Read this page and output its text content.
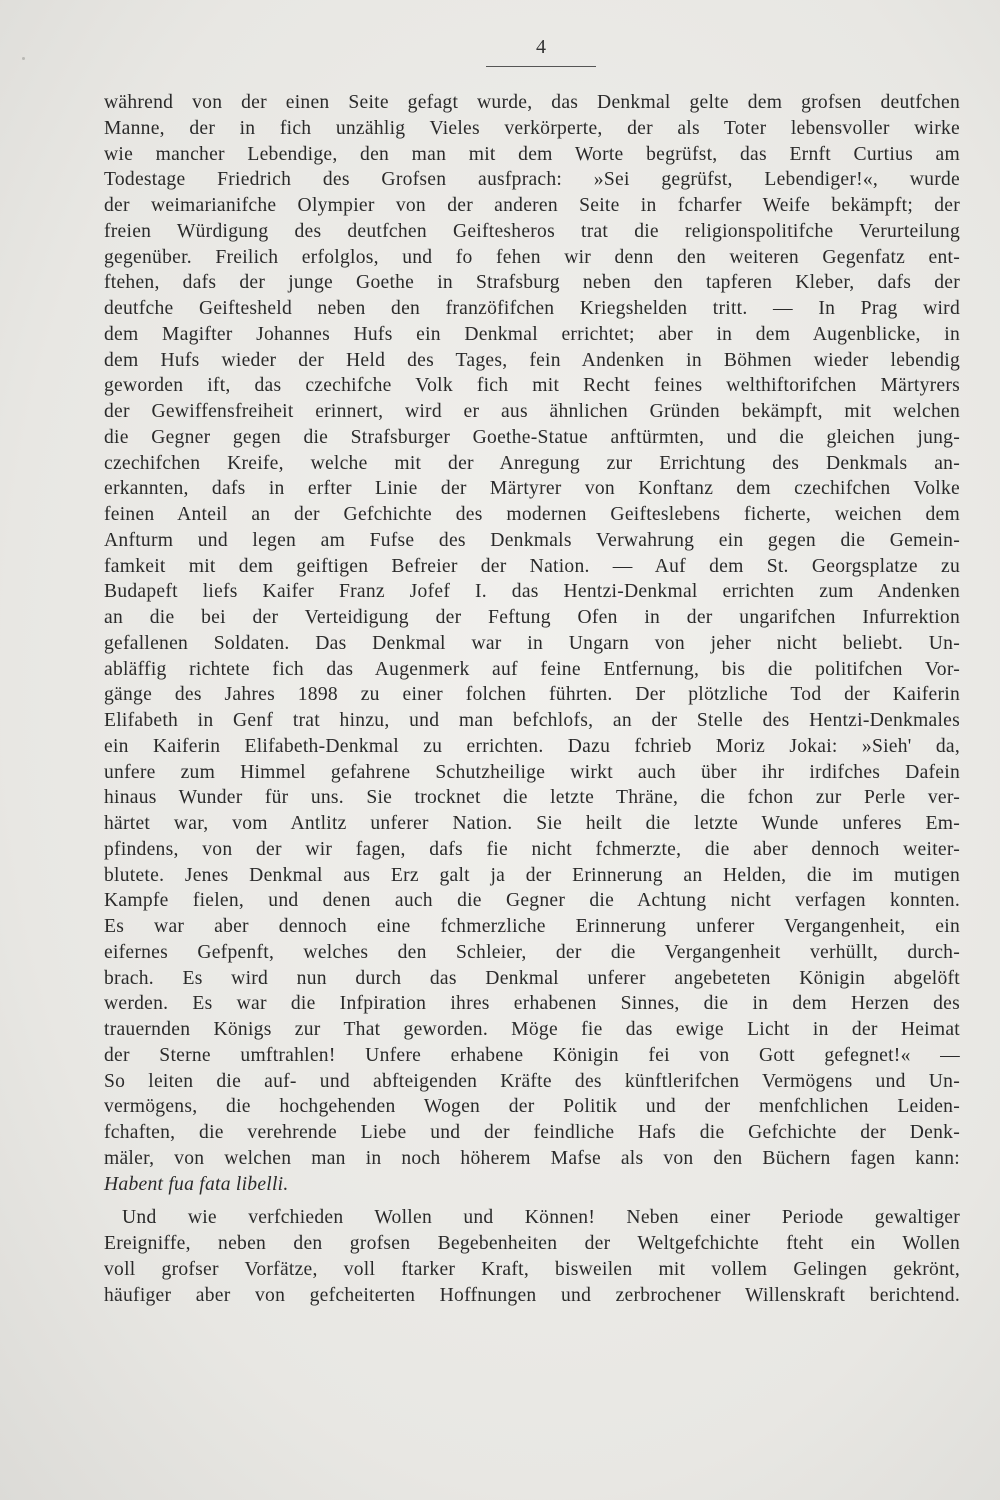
4
während von der einen Seite gefagt wurde, das Denkmal gelte dem grofsen deutfchen
Manne, der in fich unzählig Vieles verkörperte, der als Toter lebensvoller wirke
wie mancher Lebendige, den man mit dem Worte begrüfst, das Ernft Curtius am
Todestage Friedrich des Grofsen ausfprach: »Sei gegrüfst, Lebendiger!«, wurde
der weimarianifche Olympier von der anderen Seite in fcharfer Weife bekämpft; der
freien Würdigung des deutfchen Geiftesheros trat die religionspolitifche Verurteilung
gegenüber. Freilich erfolglos, und fo fehen wir denn den weiteren Gegenfatz ent-
ftehen, dafs der junge Goethe in Strafsburg neben den tapferen Kleber, dafs der
deutfche Geiftesheld neben den franzöfifchen Kriegshelden tritt. — In Prag wird
dem Magifter Johannes Hufs ein Denkmal errichtet; aber in dem Augenblicke, in
dem Hufs wieder der Held des Tages, fein Andenken in Böhmen wieder lebendig
geworden ift, das czechifche Volk fich mit Recht feines welthiftorifchen Märtyrers
der Gewiffensfreiheit erinnert, wird er aus ähnlichen Gründen bekämpft, mit welchen
die Gegner gegen die Strafsburger Goethe-Statue anftürmten, und die gleichen jung-
czechifchen Kreife, welche mit der Anregung zur Errichtung des Denkmals an-
erkannten, dafs in erfter Linie der Märtyrer von Konftanz dem czechifchen Volke
feinen Anteil an der Gefchichte des modernen Geifteslebens ficherte, weichen dem
Anfturm und legen am Fufse des Denkmals Verwahrung ein gegen die Gemein-
famkeit mit dem geiftigen Befreier der Nation. — Auf dem St. Georgsplatze zu
Budapeft liefs Kaifer Franz Jofef I. das Hentzi-Denkmal errichten zum Andenken
an die bei der Verteidigung der Feftung Ofen in der ungarifchen Infurrektion
gefallenen Soldaten. Das Denkmal war in Ungarn von jeher nicht beliebt. Un-
abläffig richtete fich das Augenmerk auf feine Entfernung, bis die politifchen Vor-
gänge des Jahres 1898 zu einer folchen führten. Der plötzliche Tod der Kaiferin
Elifabeth in Genf trat hinzu, und man befchlofs, an der Stelle des Hentzi-Denkmales
ein Kaiferin Elifabeth-Denkmal zu errichten. Dazu fchrieb Moriz Jokai: »Sieh' da,
unfere zum Himmel gefahrene Schutzheilige wirkt auch über ihr irdifches Dafein
hinaus Wunder für uns. Sie trocknet die letzte Thräne, die fchon zur Perle ver-
härtet war, vom Antlitz unferer Nation. Sie heilt die letzte Wunde unferes Em-
pfindens, von der wir fagen, dafs fie nicht fchmerzte, die aber dennoch weiter-
blutete. Jenes Denkmal aus Erz galt ja der Erinnerung an Helden, die im mutigen
Kampfe fielen, und denen auch die Gegner die Achtung nicht verfagen konnten.
Es war aber dennoch eine fchmerzliche Erinnerung unferer Vergangenheit, ein
eifernes Gefpenft, welches den Schleier, der die Vergangenheit verhüllt, durch-
brach. Es wird nun durch das Denkmal unferer angebeteten Königin abgelöft
werden. Es war die Infpiration ihres erhabenen Sinnes, die in dem Herzen des
trauernden Königs zur That geworden. Möge fie das ewige Licht in der Heimat
der Sterne umftrahlen! Unfere erhabene Königin fei von Gott gefegnet!« —
So leiten die auf- und abfteigenden Kräfte des künftlerifchen Vermögens und Un-
vermögens, die hochgehenden Wogen der Politik und der menfchlichen Leiden-
fchaften, die verehrende Liebe und der feindliche Hafs die Gefchichte der Denk-
mäler, von welchen man in noch höherem Mafse als von den Büchern fagen kann:
Habent fua fata libelli.
Und wie verfchieden Wollen und Können! Neben einer Periode gewaltiger
Ereigniffe, neben den grofsen Begebenheiten der Weltgefchichte fteht ein Wollen
voll grofser Vorfätze, voll ftarker Kraft, bisweilen mit vollem Gelingen gekrönt,
häufiger aber von gefcheiterten Hoffnungen und zerbrochener Willenskraft berichtend.
